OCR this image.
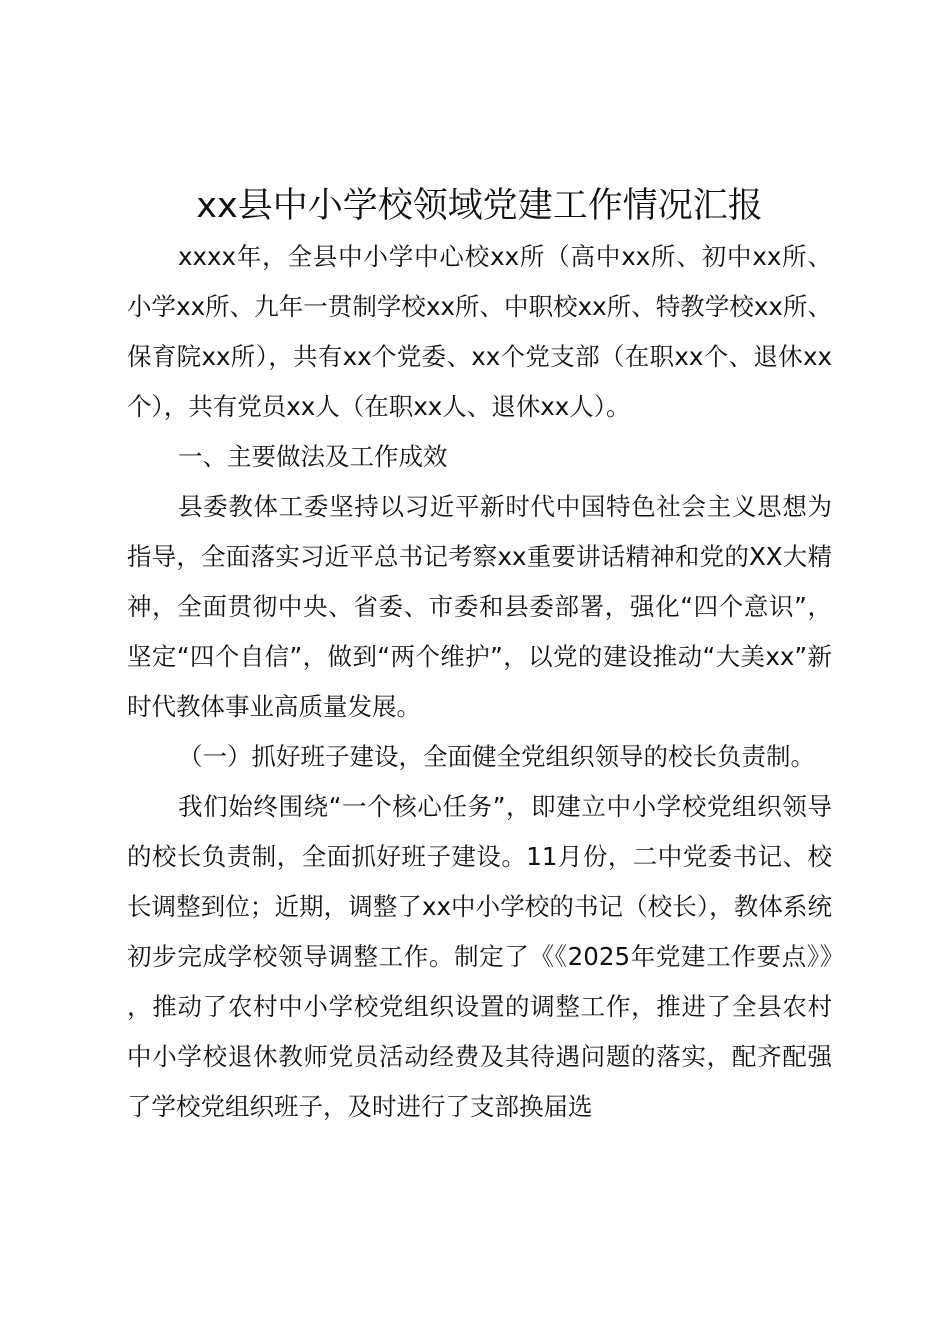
xx县中小学校领域党建工作情况汇报

xxxx年，全县中小学中心校xx所（高中xx所、初中xx所、小学xx所、九年一贯制学校xx所、中职校xx所、特教学校xx所、保育院xx所），共有xx个党委、xx个党支部（在职xx个、退休xx个），共有党员xx人（在职xx人、退休xx人）。

一、主要做法及工作成效

县委教体工委坚持以习近平新时代中国特色社会主义思想为指导，全面落实习近平总书记考察xx重要讲话精神和党的XX大精神，全面贯彻中央、省委、市委和县委部署，强化“四个意识”，坚定“四个自信”，做到“两个维护”，以党的建设推动“大美xx”新时代教体事业高质量发展。

（一）抓好班子建设，全面健全党组织领导的校长负责制。

我们始终围绕“一个核心任务”，即建立中小学校党组织领导的校长负责制，全面抓好班子建设。11月份，二中党委书记、校长调整到位；近期，调整了xx中小学校的书记（校长），教体系统初步完成学校领导调整工作。制定了《《2025年党建工作要点》》，推动了农村中小学校党组织设置的调整工作，推进了全县农村中小学校退休教师党员活动经费及其待遇问题的落实，配齐配强了学校党组织班子，及时进行了支部换届选
